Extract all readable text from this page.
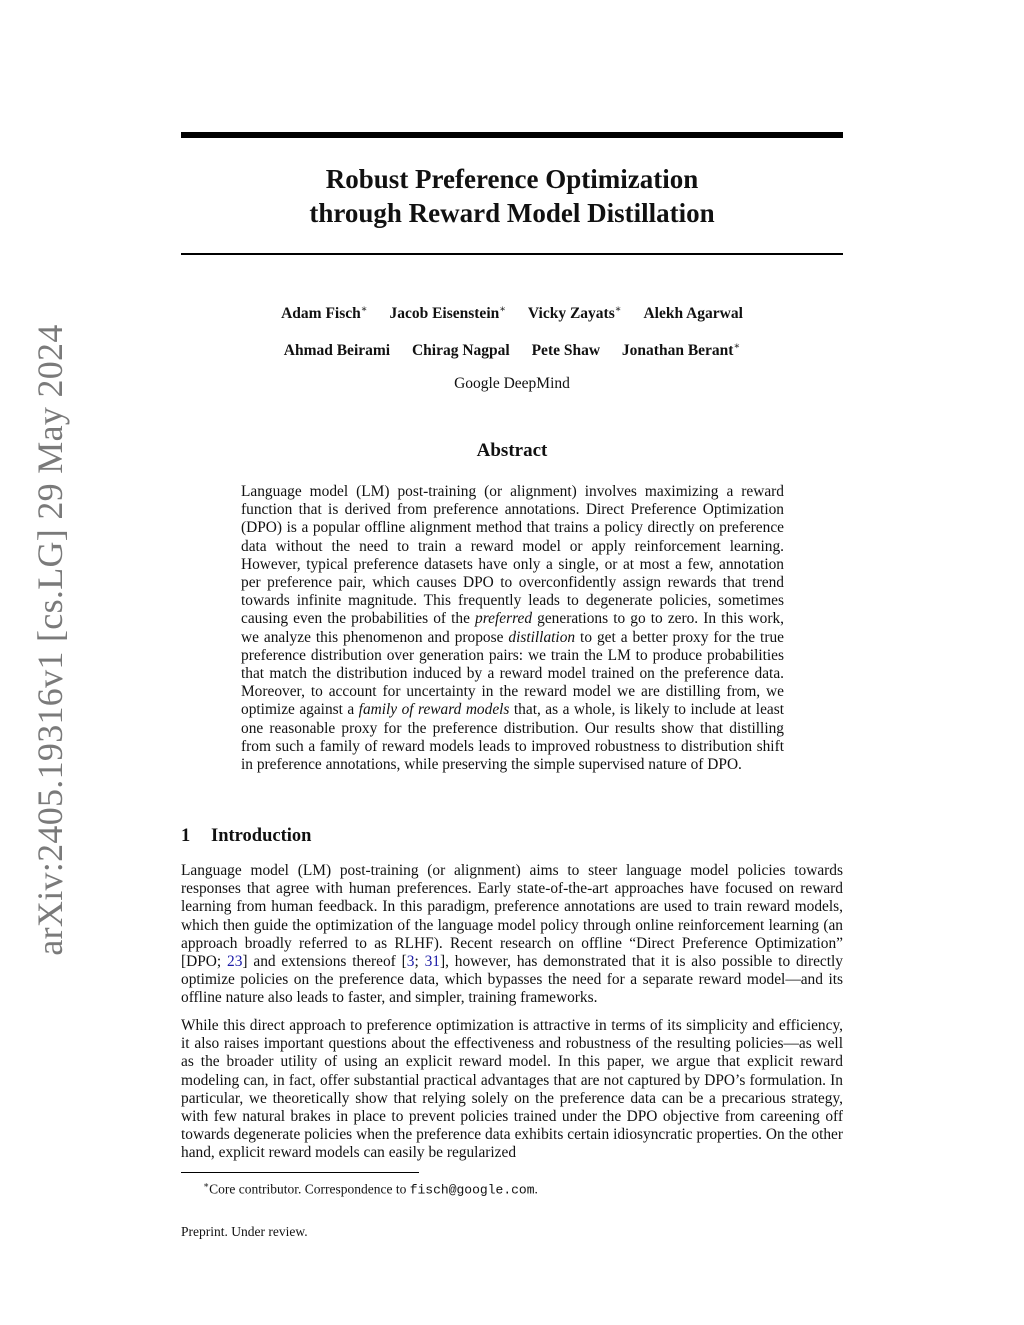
arXiv:2405.19316v1 [cs.LG] 29 May 2024
Robust Preference Optimization
through Reward Model Distillation
Adam Fisch∗ Jacob Eisenstein∗ Vicky Zayats∗ Alekh Agarwal
Ahmad Beirami Chirag Nagpal Pete Shaw Jonathan Berant∗
Google DeepMind
Abstract
Language model (LM) post-training (or alignment) involves maximizing a reward function that is derived from preference annotations. Direct Preference Optimization (DPO) is a popular offline alignment method that trains a policy directly on preference data without the need to train a reward model or apply reinforcement learning. However, typical preference datasets have only a single, or at most a few, annotation per preference pair, which causes DPO to overconfidently assign rewards that trend towards infinite magnitude. This frequently leads to degenerate policies, sometimes causing even the probabilities of the preferred generations to go to zero. In this work, we analyze this phenomenon and propose distillation to get a better proxy for the true preference distribution over generation pairs: we train the LM to produce probabilities that match the distribution induced by a reward model trained on the preference data. Moreover, to account for uncertainty in the reward model we are distilling from, we optimize against a family of reward models that, as a whole, is likely to include at least one reasonable proxy for the preference distribution. Our results show that distilling from such a family of reward models leads to improved robustness to distribution shift in preference annotations, while preserving the simple supervised nature of DPO.
1 Introduction

Language model (LM) post-training (or alignment) aims to steer language model policies towards responses that agree with human preferences. Early state-of-the-art approaches have focused on reward learning from human feedback. In this paradigm, preference annotations are used to train reward models, which then guide the optimization of the language model policy through online reinforcement learning (an approach broadly referred to as RLHF). Recent research on offline “Direct Preference Optimization” [DPO; 23] and extensions thereof [3; 31], however, has demonstrated that it is also possible to directly optimize policies on the preference data, which bypasses the need for a separate reward model—and its offline nature also leads to faster, and simpler, training frameworks.

While this direct approach to preference optimization is attractive in terms of its simplicity and efficiency, it also raises important questions about the effectiveness and robustness of the resulting policies—as well as the broader utility of using an explicit reward model. In this paper, we argue that explicit reward modeling can, in fact, offer substantial practical advantages that are not captured by DPO’s formulation. In particular, we theoretically show that relying solely on the preference data can be a precarious strategy, with few natural brakes in place to prevent policies trained under the DPO objective from careening off towards degenerate policies when the preference data exhibits certain idiosyncratic properties. On the other hand, explicit reward models can easily be regularized

∗Core contributor. Correspondence to fisch@google.com.
Preprint. Under review.
